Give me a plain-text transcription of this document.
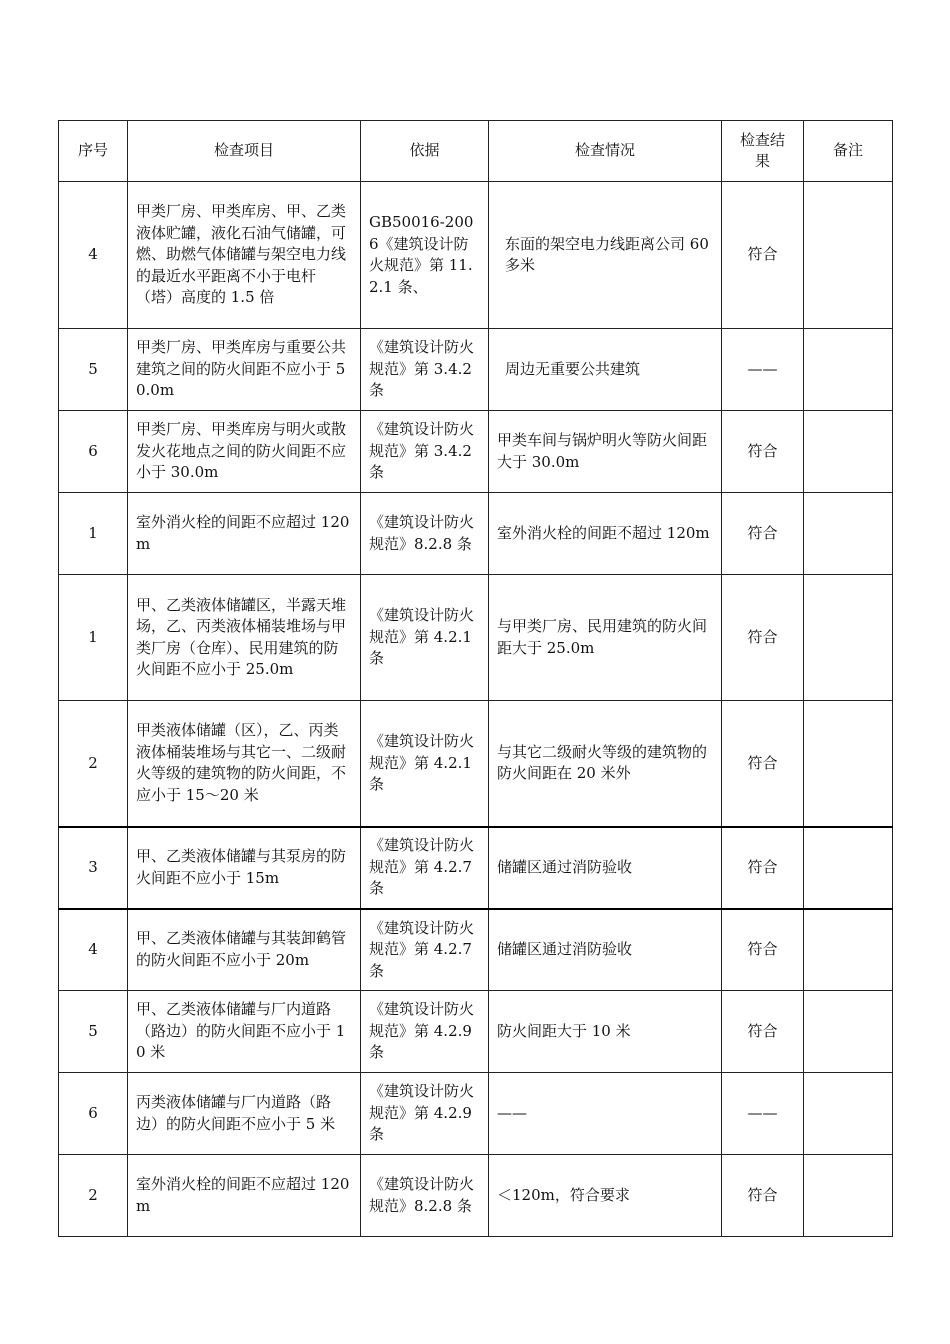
序号	检查项目	依据	检查情况	检查结果	备注
4	甲类厂房、甲类库房、甲、乙类液体贮罐，液化石油气储罐，可燃、助燃气体储罐与架空电力线的最近水平距离不小于电杆（塔）高度的 1.5 倍	GB50016-2006《建筑设计防火规范》第 11.2.1 条、	东面的架空电力线距离公司 60 多米	符合	
5	甲类厂房、甲类库房与重要公共建筑之间的防火间距不应小于 50.0m	《建筑设计防火规范》第 3.4.2 条	周边无重要公共建筑	——	
6	甲类厂房、甲类库房与明火或散发火花地点之间的防火间距不应小于 30.0m	《建筑设计防火规范》第 3.4.2 条	甲类车间与锅炉明火等防火间距大于 30.0m	符合	
1	室外消火栓的间距不应超过 120m	《建筑设计防火规范》8.2.8 条	室外消火栓的间距不超过 120m	符合	
1	甲、乙类液体储罐区，半露天堆场，乙、丙类液体桶装堆场与甲类厂房（仓库）、民用建筑的防火间距不应小于 25.0m	《建筑设计防火规范》第 4.2.1 条	与甲类厂房、民用建筑的防火间距大于 25.0m	符合	
2	甲类液体储罐（区），乙、丙类液体桶装堆场与其它一、二级耐火等级的建筑物的防火间距，不应小于 15～20 米	《建筑设计防火规范》第 4.2.1 条	与其它二级耐火等级的建筑物的防火间距在 20 米外	符合	
3	甲、乙类液体储罐与其泵房的防火间距不应小于 15m	《建筑设计防火规范》第 4.2.7 条	储罐区通过消防验收	符合	
4	甲、乙类液体储罐与其装卸鹤管的防火间距不应小于 20m	《建筑设计防火规范》第 4.2.7 条	储罐区通过消防验收	符合	
5	甲、乙类液体储罐与厂内道路（路边）的防火间距不应小于 10 米	《建筑设计防火规范》第 4.2.9 条	防火间距大于 10 米	符合	
6	丙类液体储罐与厂内道路（路边）的防火间距不应小于 5 米	《建筑设计防火规范》第 4.2.9 条	——	——	
2	室外消火栓的间距不应超过 120m	《建筑设计防火规范》8.2.8 条	＜120m，符合要求	符合	
